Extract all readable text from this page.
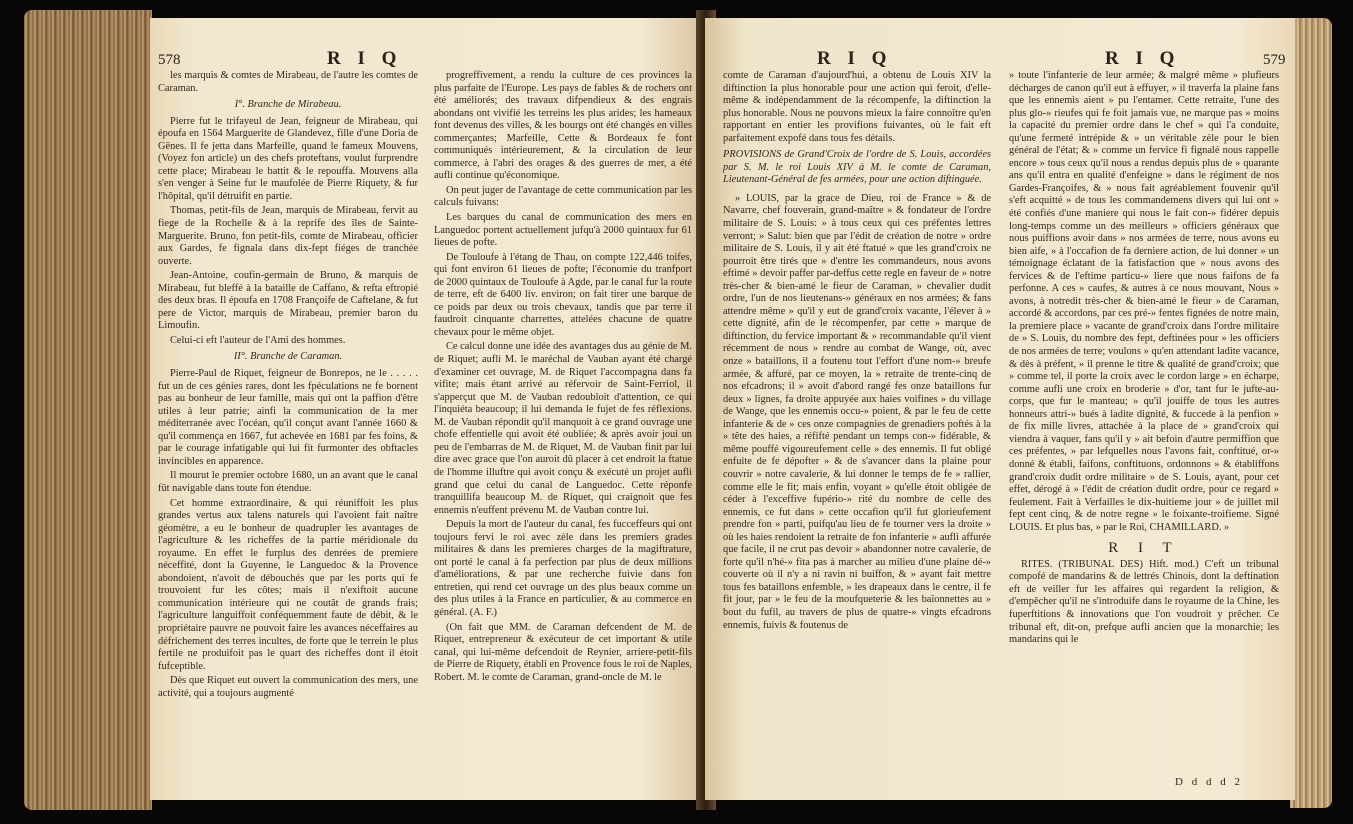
578	R I Q

les marquis & comtes de Mirabeau, de l'autre les comtes de Caraman.

I°. Branche de Mirabeau.

Pierre fut le trifayeul de Jean, feigneur de Mirabeau, qui époufa en 1564 Marguerite de Glandevez, fille d'une Doria de Gênes. Il fe jetta dans Marfeille, quand le fameux Mouvens, (Voyez fon article) un des chefs proteftans, voulut furprendre cette place; Mirabeau le battit & le repouffa. Mouvens alla s'en venger à Seine fur le maufolée de Pierre Riquety, & fur l'hôpital, qu'il détruifit en partie.

Thomas, petit-fils de Jean, marquis de Mirabeau, fervit au fiege de la Rochelle & à la reprife des îles de Sainte-Marguerite. Bruno, fon petit-fils, comte de Mirabeau, officier aux Gardes, fe fignala dans dix-fept fiéges de tranchée ouverte.

Jean-Antoine, coufin-germain de Bruno, & marquis de Mirabeau, fut bleffé à la bataille de Caffano, & refta eftropié des deux bras. Il époufa en 1708 Françoife de Caftelane, & fut pere de Victor, marquis de Mirabeau, premier baron du Limoufin.

Celui-ci eft l'auteur de l'Ami des hommes.

II°. Branche de Caraman.

Pierre-Paul de Riquet, feigneur de Bonrepos, ne le . . . . . fut un de ces génies rares, dont les fpéculations ne fe bornent pas au bonheur de leur famille, mais qui ont la paffion d'être utiles à leur patrie; ainfi la communication de la mer méditerranée avec l'océan, qu'il conçut avant l'année 1660 & qu'il commença en 1667, fut achevée en 1681 par fes foins, & par le courage infatigable qui lui fit furmonter des obftacles invincibles en apparence.

Il mourut le premier octobre 1680, un an avant que le canal fût navigable dans toute fon étendue.

Cet homme extraordinaire, & qui réuniffoit les plus grandes vertus aux talens naturels qui l'avoient fait naître géomètre, a eu le bonheur de quadrupler les avantages de l'agriculture & les richeffes de la partie méridionale du royaume. En effet le furplus des denrées de premiere néceffité, dont la Guyenne, le Languedoc & la Provence abondoient, n'avoit de débouchés que par les ports qui fe trouvoient fur les côtes; mais il n'exiftoit aucune communication intérieure qui ne coutât de grands frais; l'agriculture languiffoit conféquemment faute de débit, & le propriétaire pauvre ne pouvoit faire les avances néceffaires au défrichement des terres incultes, de forte que le terrein le plus fertile ne produifoit pas le quart des richeffes dont il étoit fufceptible.

Dès que Riquet eut ouvert la communication des mers, une activité, qui a toujours augmenté

progreffivement, a rendu la culture de ces provinces la plus parfaite de l'Europe. Les pays de fables & de rochers ont été améliorés; des travaux difpendieux & des engrais abondans ont vivifié les terreins les plus arides; les hameaux font devenus des villes, & les bourgs ont été changés en villes commerçantes; Marfeille, Cette & Bordeaux fe font communiqués intérieurement, & la circulation de leur commerce, à l'abri des orages & des guerres de mer, a été aufli continue qu'économique.

On peut juger de l'avantage de cette communication par les calculs fuivans:

Les barques du canal de communication des mers en Languedoc portent actuellement jufqu'à 2000 quintaux fur 61 lieues de pofte.

De Touloufe à l'étang de Thau, on compte 122,446 toifes, qui font environ 61 lieues de pofte; l'économie du tranfport de 2000 quintaux de Touloufe à Agde, par le canal fur la route de terre, eft de 6400 liv. environ; on fait tirer une barque de ce poids par deux ou trois chevaux, tandis que par terre il faudroit cinquante charrettes, attelées chacune de quatre chevaux pour le même objet.

Ce calcul donne une idée des avantages dus au génie de M. de Riquet; aufli M. le maréchal de Vauban ayant été chargé d'examiner cet ouvrage, M. de Riquet l'accompagna dans fa vifite; mais étant arrivé au réfervoir de Saint-Ferriol, il s'apperçut que M. de Vauban redoubloit d'attention, ce qui l'inquiéta beaucoup; il lui demanda le fujet de fes réflexions. M. de Vauban répondit qu'il manquoit à ce grand ouvrage une chofe effentielle qui avoit été oubliée; & après avoir joui un peu de l'embarras de M. de Riquet, M. de Vauban finit par lui dire avec grace que l'on auroit dû placer à cet endroit la ftatue de l'homme illuftre qui avoit conçu & exécuté un projet aufli grand que celui du canal de Languedoc. Cette réponfe tranquillifa beaucoup M. de Riquet, qui craignoit que fes ennemis n'euffent prévenu M. de Vauban contre lui.

Depuis la mort de l'auteur du canal, fes fucceffeurs qui ont toujours fervi le roi avec zèle dans les premiers grades militaires & dans les premieres charges de la magiftrature, ont porté le canal à fa perfection par plus de deux millions d'améliorations, & par une recherche fuivie dans fon entretien, qui rend cet ouvrage un des plus beaux comme un des plus utiles à la France en particulier, & au commerce en général. (A. F.)

(On fait que MM. de Caraman defcendent de M. de Riquet, entrepreneur & exécuteur de cet important & utile canal, qui lui-même defcendoit de Reynier, arriere-petit-fils de Pierre de Riquety, établi en Provence fous le roi de Naples, Robert. M. le comte de Caraman, grand-oncle de M. le

R I Q	R I Q	579

comte de Caraman d'aujourd'hui, a obtenu de Louis XIV la diftinction la plus honorable pour une action qui feroit, d'elle-même & indépendamment de la récompenfe, la diftinction la plus honorable. Nous ne pouvons mieux la faire connoître qu'en rapportant en entier les provifions fuivantes, où le fait eft parfaitement expofé dans tous fes détails.

PROVISIONS de Grand'Croix de l'ordre de S. Louis, accordées par S. M. le roi Louis XIV à M. le comte de Caraman, Lieutenant-Général de fes armées, pour une action diftinguée.

» LOUIS, par la grace de Dieu, roi de France » & de Navarre, chef fouverain, grand-maître » & fondateur de l'ordre militaire de S. Louis: » à tous ceux qui ces préfentes lettres verront; » Salut: bien que par l'édit de création de notre » ordre militaire de S. Louis, il y ait été ftatué » que les grand'croix ne pourroit être tirés que » d'entre les commandeurs, nous avons eftimé » devoir paffer par-deffus cette regle en faveur de » notre très-cher & bien-amé le fieur de Caraman, » chevalier dudit ordre, l'un de nos lieutenans-» généraux en nos armées; & fans attendre même » qu'il y eut de grand'croix vacante, l'élever à » cette dignité, afin de le récompenfer, par cette » marque de diftinction, du fervice important & » recommandable qu'il vient récemment de nous » rendre au combat de Wange, où, avec onze » bataillons, il a foutenu tout l'effort d'une nom-» breufe armée, & affuré, par ce moyen, la » retraite de trente-cinq de nos efcadrons; il » avoit d'abord rangé fes onze bataillons fur deux » lignes, fa droite appuyée aux haies voifines » du village de Wange, que les ennemis occu-» poient, & par le feu de cette infanterie & de » ces onze compagnies de grenadiers poftés à la » tête des haies, a réfifté pendant un temps con-» fidérable, & même pouffé vigoureufement celle » des ennemis. Il fut obligé enfuite de fe dépofter » & de s'avancer dans la plaine pour couvrir » notre cavalerie, & lui donner le temps de fe » rallier, comme elle le fit; mais enfin, voyant » qu'elle étoit obligée de céder à l'exceffive fupério-» rité du nombre de celle des ennemis, ce fut dans » cette occafion qu'il fut glorieufement prendre fon » parti, puifqu'au lieu de fe tourner vers la droite » où les haies rendoient la retraite de fon infanterie » aufli affurée que facile, il ne crut pas devoir » abandonner notre cavalerie, de forte qu'il n'hé-» fita pas à marcher au milieu d'une plaine dé-» couverte où il n'y a ni ravin ni buiffon, & » ayant fait mettre tous fes bataillons enfemble, » les drapeaux dans le centre, il fe fit jour, par » le feu de la moufqueterie & les baïonnettes au » bout du fufil, au travers de plus de quatre-» vingts efcadrons ennemis, fuivis & foutenus de

» toute l'infanterie de leur armée; & malgré même » plufieurs décharges de canon qu'il eut à effuyer, » il traverfa la plaine fans que les ennemis aient » pu l'entamer. Cette retraite, l'une des plus glo-» rieufes qui fe foit jamais vue, ne marque pas » moins la capacité du premier ordre dans le chef » qui l'a conduite, qu'une fermeté intrépide & » un véritable zèle pour le bien général de l'état; & » comme un fervice fi fignalé nous rappelle encore » tous ceux qu'il nous a rendus depuis plus de » quarante ans qu'il entra en qualité d'enfeigne » dans le régiment de nos Gardes-Françoifes, & » nous fait agréablement fouvenir qu'il s'eft acquitté » de tous les commandemens divers qui lui ont » été confiés d'une maniere qui nous le fait con-» fidérer depuis long-temps comme un des meilleurs » officiers généraux que nous puiffions avoir dans » nos armées de terre, nous avons eu bien aife, » à l'occafion de fa derniere action, de lui donner » un témoignage éclatant de la fatisfaction que » nous avons des fervices & de l'eftime particu-» liere que nous faifons de fa perfonne. A ces » caufes, & autres à ce nous mouvant, Nous » avons, à notredit très-cher & bien-amé le fieur » de Caraman, accordé & accordons, par ces pré-» fentes fignées de notre main, la premiere place » vacante de grand'croix dans l'ordre militaire de » S. Louis, du nombre des fept, deftinées pour » les officiers de nos armées de terre; voulons » qu'en attendant ladite vacance, & dès à préfent, » il prenne le titre & qualité de grand'croix; que » comme tel, il porte la croix avec le cordon large » en écharpe, comme aufli une croix en broderie » d'or, tant fur le jufte-au-corps, que fur le manteau; » qu'il jouiffe de tous les autres honneurs attri-» bués à ladite dignité, & fuccede à la penfion » de fix mille livres, attachée à la place de » grand'croix qui viendra à vaquer, fans qu'il y » ait befoin d'autre permiffion que ces préfentes, » par lefquelles nous l'avons fait, conftitué, or-» donné & établi, faifons, conftituons, ordonnons » & établiffons grand'croix dudit ordre militaire » de S. Louis, ayant, pour cet effet, dérogé à » l'édit de création dudit ordre, pour ce regard » feulement. Fait à Verfailles le dix-huitieme jour » de juillet mil fept cent cinq, & de notre regne » le foixante-troifieme. Signé LOUIS. Et plus bas, » par le Roi, CHAMILLARD. »

R I T

RITES. (TRIBUNAL DES) Hift. mod.) C'eft un tribunal compofé de mandarins & de lettrés Chinois, dont la deftination eft de veiller fur les affaires qui regardent la religion, & d'empêcher qu'il ne s'introduife dans le royaume de la Chine, les fuperftitions & innovations que l'on voudroit y prêcher. Ce tribunal eft, dit-on, prefque aufli ancien que la monarchie; les mandarins qui le

D d d d 2
